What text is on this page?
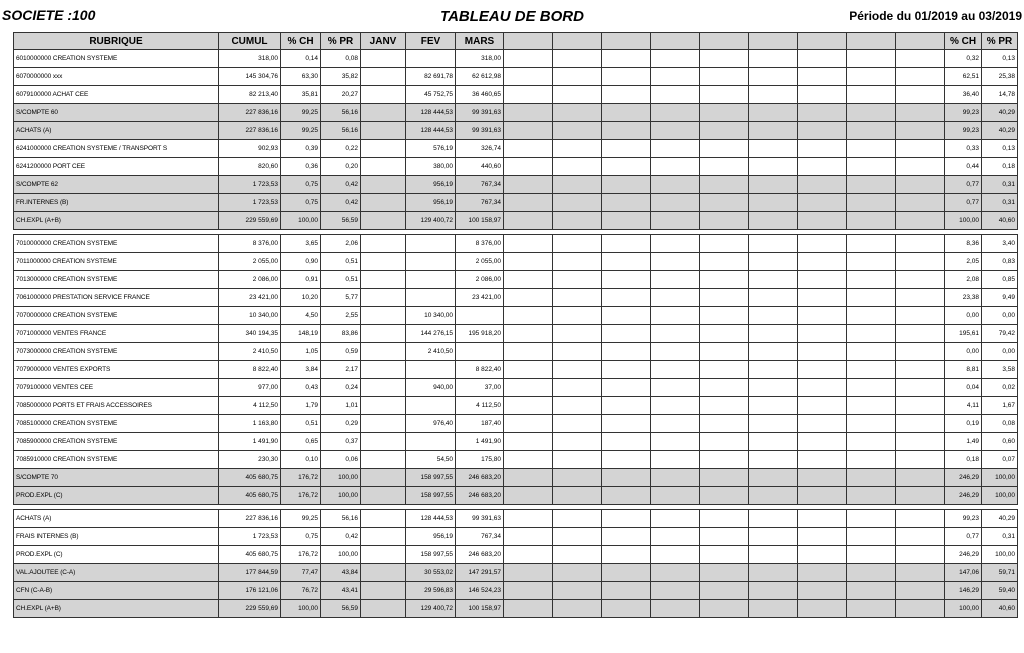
SOCIETE :100	TABLEAU DE BORD	Période du 01/2019 au 03/2019
RUBRIQUE	CUMUL	% CH	% PR	JANV	FEV	MARS										% CH	% PR
6010000000 CREATION SYSTEME	318,00	0,14	0,08			318,00										0,32	0,13
6070000000 xxx	145 304,76	63,30	35,82		82 691,78	62 612,98										62,51	25,38
6079100000 ACHAT CEE	82 213,40	35,81	20,27		45 752,75	36 460,65										36,40	14,78
S/COMPTE 60	227 836,16	99,25	56,16		128 444,53	99 391,63										99,23	40,29
ACHATS (A)	227 836,16	99,25	56,16		128 444,53	99 391,63										99,23	40,29
6241000000 CREATION SYSTEME / TRANSPORT S	902,93	0,39	0,22		576,19	326,74										0,33	0,13
6241200000 PORT CEE	820,60	0,36	0,20		380,00	440,60										0,44	0,18
S/COMPTE 62	1 723,53	0,75	0,42		956,19	767,34										0,77	0,31
FR.INTERNES (B)	1 723,53	0,75	0,42		956,19	767,34										0,77	0,31
CH.EXPL (A+B)	229 559,69	100,00	56,59		129 400,72	100 158,97										100,00	40,60

7010000000 CREATION SYSTEME	8 376,00	3,65	2,06			8 376,00										8,36	3,40
7011000000 CREATION SYSTEME	2 055,00	0,90	0,51			2 055,00										2,05	0,83
7013000000 CREATION SYSTEME	2 086,00	0,91	0,51			2 086,00										2,08	0,85
7061000000 PRESTATION SERVICE FRANCE	23 421,00	10,20	5,77			23 421,00										23,38	9,49
7070000000 CREATION SYSTEME	10 340,00	4,50	2,55		10 340,00											0,00	0,00
7071000000 VENTES FRANCE	340 194,35	148,19	83,86		144 276,15	195 918,20										195,61	79,42
7073000000 CREATION SYSTEME	2 410,50	1,05	0,59		2 410,50											0,00	0,00
7079000000 VENTES EXPORTS	8 822,40	3,84	2,17			8 822,40										8,81	3,58
7079100000 VENTES CEE	977,00	0,43	0,24		940,00	37,00										0,04	0,02
7085000000 PORTS ET FRAIS ACCESSOIRES	4 112,50	1,79	1,01			4 112,50										4,11	1,67
7085100000 CREATION SYSTEME	1 163,80	0,51	0,29		976,40	187,40										0,19	0,08
7085900000 CREATION SYSTEME	1 491,90	0,65	0,37			1 491,90										1,49	0,60
7085910000 CREATION SYSTEME	230,30	0,10	0,06		54,50	175,80										0,18	0,07
S/COMPTE 70	405 680,75	176,72	100,00		158 997,55	246 683,20										246,29	100,00
PROD.EXPL (C)	405 680,75	176,72	100,00		158 997,55	246 683,20										246,29	100,00

ACHATS (A)	227 836,16	99,25	56,16		128 444,53	99 391,63										99,23	40,29
FRAIS INTERNES (B)	1 723,53	0,75	0,42		956,19	767,34										0,77	0,31
PROD.EXPL (C)	405 680,75	176,72	100,00		158 997,55	246 683,20										246,29	100,00
VAL.AJOUTEE (C-A)	177 844,59	77,47	43,84		30 553,02	147 291,57										147,06	59,71
CFN (C-A-B)	176 121,06	76,72	43,41		29 596,83	146 524,23										146,29	59,40
CH.EXPL (A+B)	229 559,69	100,00	56,59		129 400,72	100 158,97										100,00	40,60
